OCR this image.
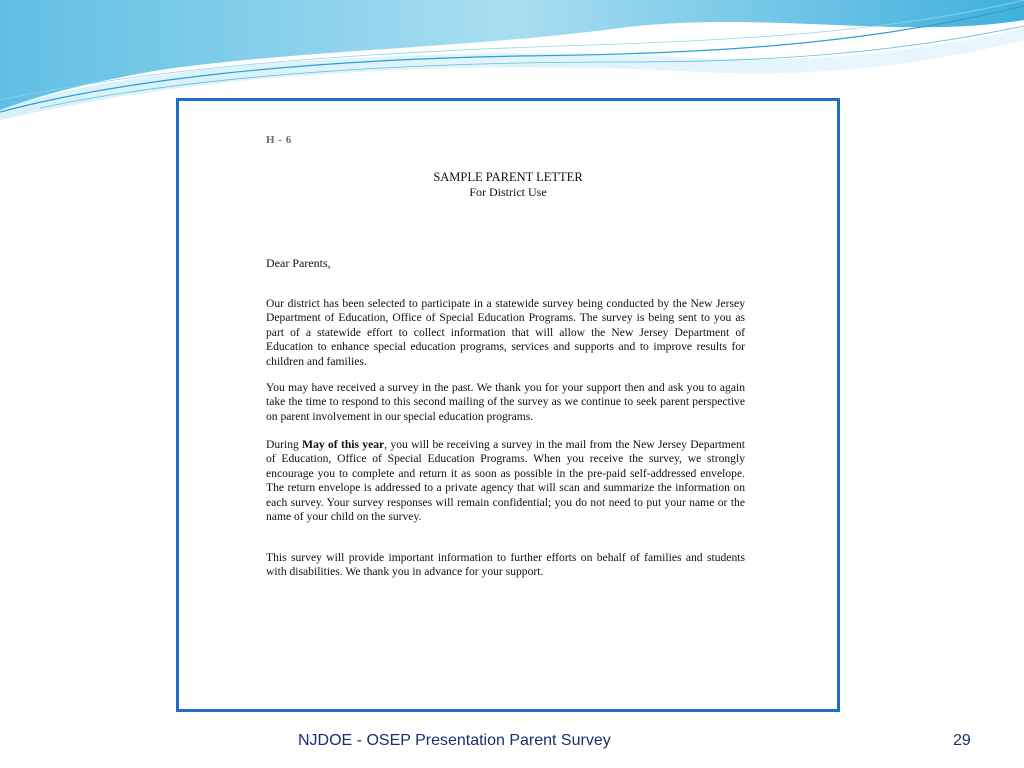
H - 6
SAMPLE PARENT LETTER
For District Use
Dear Parents,

Our district has been selected to participate in a statewide survey being conducted by the New Jersey Department of Education, Office of Special Education Programs. The survey is being sent to you as part of a statewide effort to collect information that will allow the New Jersey Department of Education to enhance special education programs, services and supports and to improve results for children and families.

You may have received a survey in the past. We thank you for your support then and ask you to again take the time to respond to this second mailing of the survey as we continue to seek parent perspective on parent involvement in our special education programs.

During May of this year, you will be receiving a survey in the mail from the New Jersey Department of Education, Office of Special Education Programs. When you receive the survey, we strongly encourage you to complete and return it as soon as possible in the pre-paid self-addressed envelope. The return envelope is addressed to a private agency that will scan and summarize the information on each survey. Your survey responses will remain confidential; you do not need to put your name or the name of your child on the survey.

This survey will provide important information to further efforts on behalf of families and students with disabilities. We thank you in advance for your support.

NJDOE - OSEP Presentation Parent Survey	29
